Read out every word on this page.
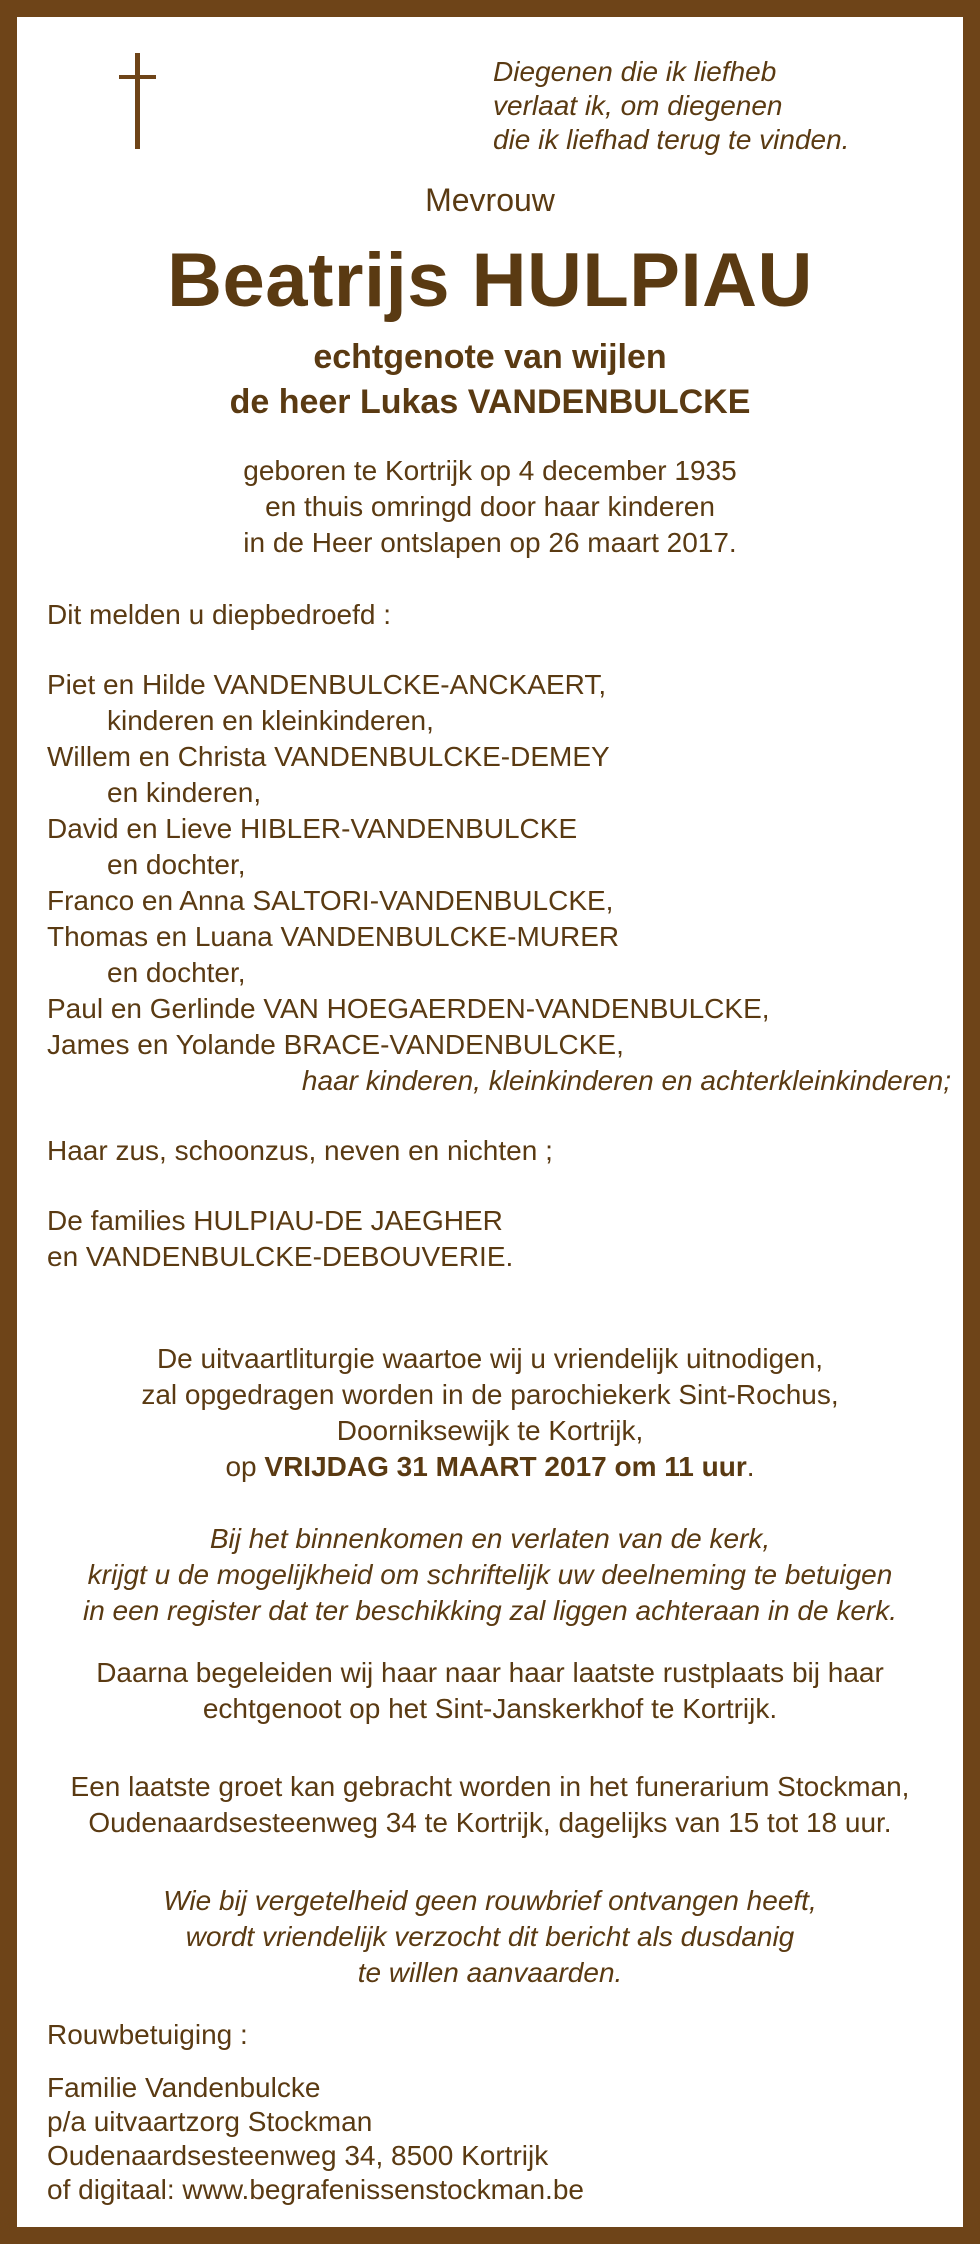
Diegenen die ik liefheb
verlaat ik, om diegenen
die ik liefhad terug te vinden.
Mevrouw
Beatrijs HULPIAU
echtgenote van wijlen
de heer Lukas VANDENBULCKE
geboren te Kortrijk op 4 december 1935
en thuis omringd door haar kinderen
in de Heer ontslapen op 26 maart 2017.
Dit melden u diepbedroefd :
Piet en Hilde VANDENBULCKE-ANCKAERT,
kinderen en kleinkinderen,
Willem en Christa VANDENBULCKE-DEMEY
en kinderen,
David en Lieve HIBLER-VANDENBULCKE
en dochter,
Franco en Anna SALTORI-VANDENBULCKE,
Thomas en Luana VANDENBULCKE-MURER
en dochter,
Paul en Gerlinde VAN HOEGAERDEN-VANDENBULCKE,
James en Yolande BRACE-VANDENBULCKE,
haar kinderen, kleinkinderen en achterkleinkinderen;
Haar zus, schoonzus, neven en nichten ;
De families HULPIAU-DE JAEGHER
en VANDENBULCKE-DEBOUVERIE.
De uitvaartliturgie waartoe wij u vriendelijk uitnodigen,
zal opgedragen worden in de parochiekerk Sint-Rochus,
Doorniksewijk te Kortrijk,
op VRIJDAG 31 MAART 2017 om 11 uur.
Bij het binnenkomen en verlaten van de kerk,
krijgt u de mogelijkheid om schriftelijk uw deelneming te betuigen
in een register dat ter beschikking zal liggen achteraan in de kerk.
Daarna begeleiden wij haar naar haar laatste rustplaats bij haar
echtgenoot op het Sint-Janskerkhof te Kortrijk.
Een laatste groet kan gebracht worden in het funerarium Stockman,
Oudenaardsesteenweg 34 te Kortrijk, dagelijks van 15 tot 18 uur.
Wie bij vergetelheid geen rouwbrief ontvangen heeft,
wordt vriendelijk verzocht dit bericht als dusdanig
te willen aanvaarden.
Rouwbetuiging :
Familie Vandenbulcke
p/a uitvaartzorg Stockman
Oudenaardsesteenweg 34, 8500 Kortrijk
of digitaal: www.begrafenissenstockman.be
